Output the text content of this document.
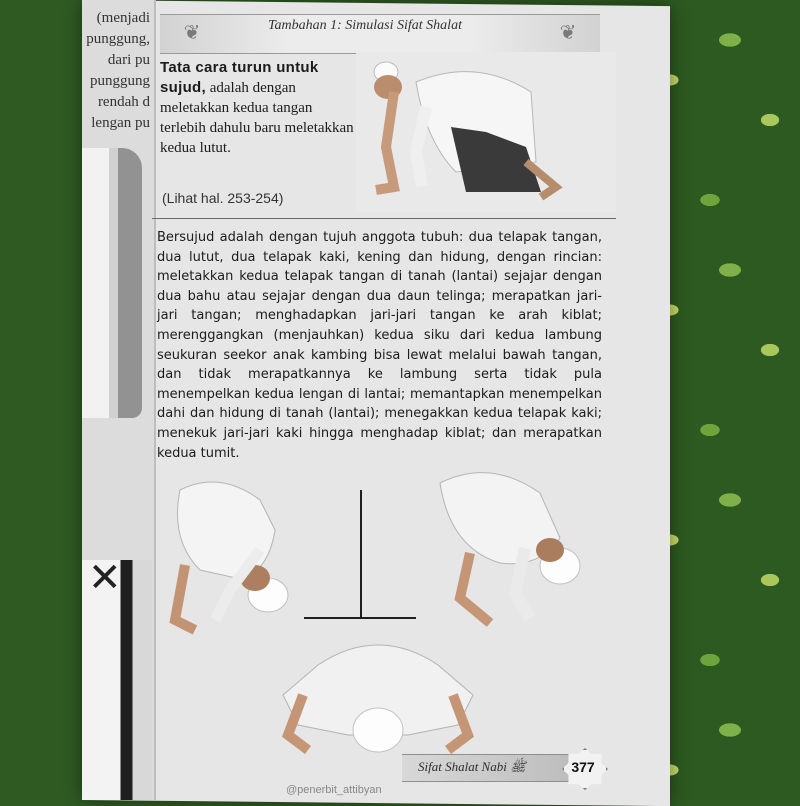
(menjadi
punggung,
dari pu
punggung
rendah d
lengan pu
✕
❦	❦
Tambahan 1: Simulasi Sifat Shalat
Tata cara turun untuk sujud, adalah dengan meletakkan kedua tangan terlebih dahulu baru meletakkan kedua lutut.
(Lihat hal. 253-254)
Bersujud adalah dengan tujuh anggota tubuh: dua telapak tangan, dua lutut, dua telapak kaki, kening dan hidung, dengan rincian: meletakkan kedua telapak tangan di tanah (lantai) sejajar dengan dua bahu atau sejajar dengan dua daun telinga; merapatkan jari-jari tangan; menghadapkan jari-jari tangan ke arah kiblat; merenggangkan (menjauhkan) kedua siku dari kedua lambung seukuran seekor anak kambing bisa lewat melalui bawah tangan, dan tidak merapatkannya ke lambung serta tidak pula menempelkan kedua lengan di lantai; memantapkan menempelkan dahi dan hidung di tanah (lantai); menegakkan kedua telapak kaki; menekuk jari-jari kaki hingga menghadap kiblat; dan merapatkan kedua tumit.
Sifat Shalat Nabi ﷺ	377
@penerbit_attibyan
